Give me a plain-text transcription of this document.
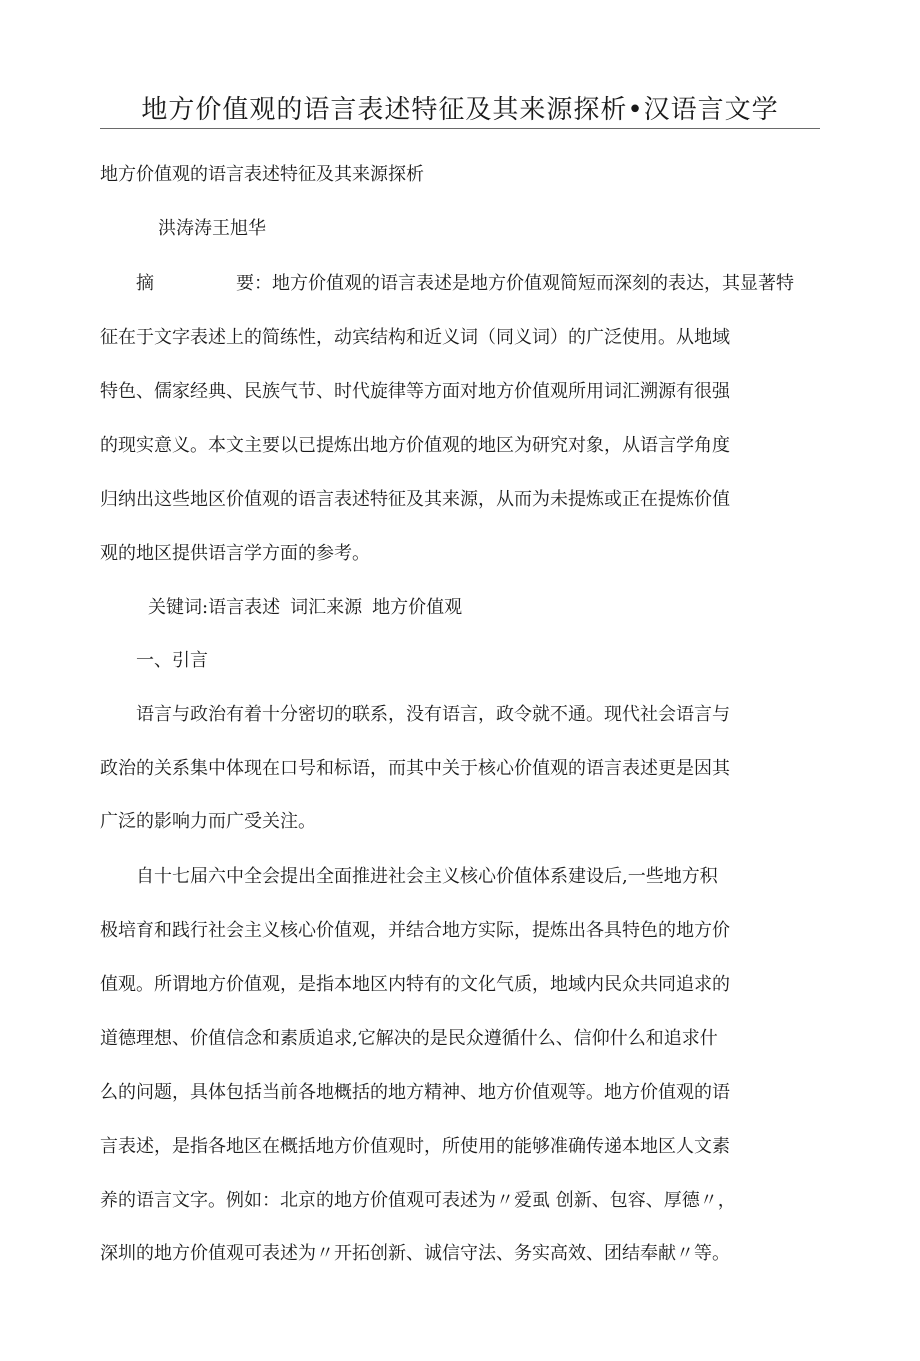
地方价值观的语言表述特征及其来源探析•汉语言文学
地方价值观的语言表述特征及其来源探析
洪涛涛王旭华
摘	要：地方价值观的语言表述是地方价值观简短而深刻的表达，其显著特
征在于文字表述上的简练性，动宾结构和近义词（同义词）的广泛使用。从地域
特色、儒家经典、民族气节、时代旋律等方面对地方价值观所用词汇溯源有很强
的现实意义。本文主要以已提炼出地方价值观的地区为研究对象，从语言学角度
归纳出这些地区价值观的语言表述特征及其来源，从而为未提炼或正在提炼价值
观的地区提供语言学方面的参考。
关键词:语言表述 词汇来源 地方价值观
一、引言
语言与政治有着十分密切的联系，没有语言，政令就不通。现代社会语言与
政治的关系集中体现在口号和标语，而其中关于核心价值观的语言表述更是因其
广泛的影响力而广受关注。
自十七届六中全会提出全面推进社会主义核心价值体系建设后,一些地方积
极培育和践行社会主义核心价值观，并结合地方实际，提炼出各具特色的地方价
值观。所谓地方价值观，是指本地区内特有的文化气质，地域内民众共同追求的
道德理想、价值信念和素质追求,它解决的是民众遵循什么、信仰什么和追求什
么的问题，具体包括当前各地概括的地方精神、地方价值观等。地方价值观的语
言表述，是指各地区在概括地方价值观时，所使用的能够准确传递本地区人文素
养的语言文字。例如：北京的地方价值观可表述为〃爱虱 创新、包容、厚德〃，
深圳的地方价值观可表述为〃开拓创新、诚信守法、务实高效、团结奉献〃等。
